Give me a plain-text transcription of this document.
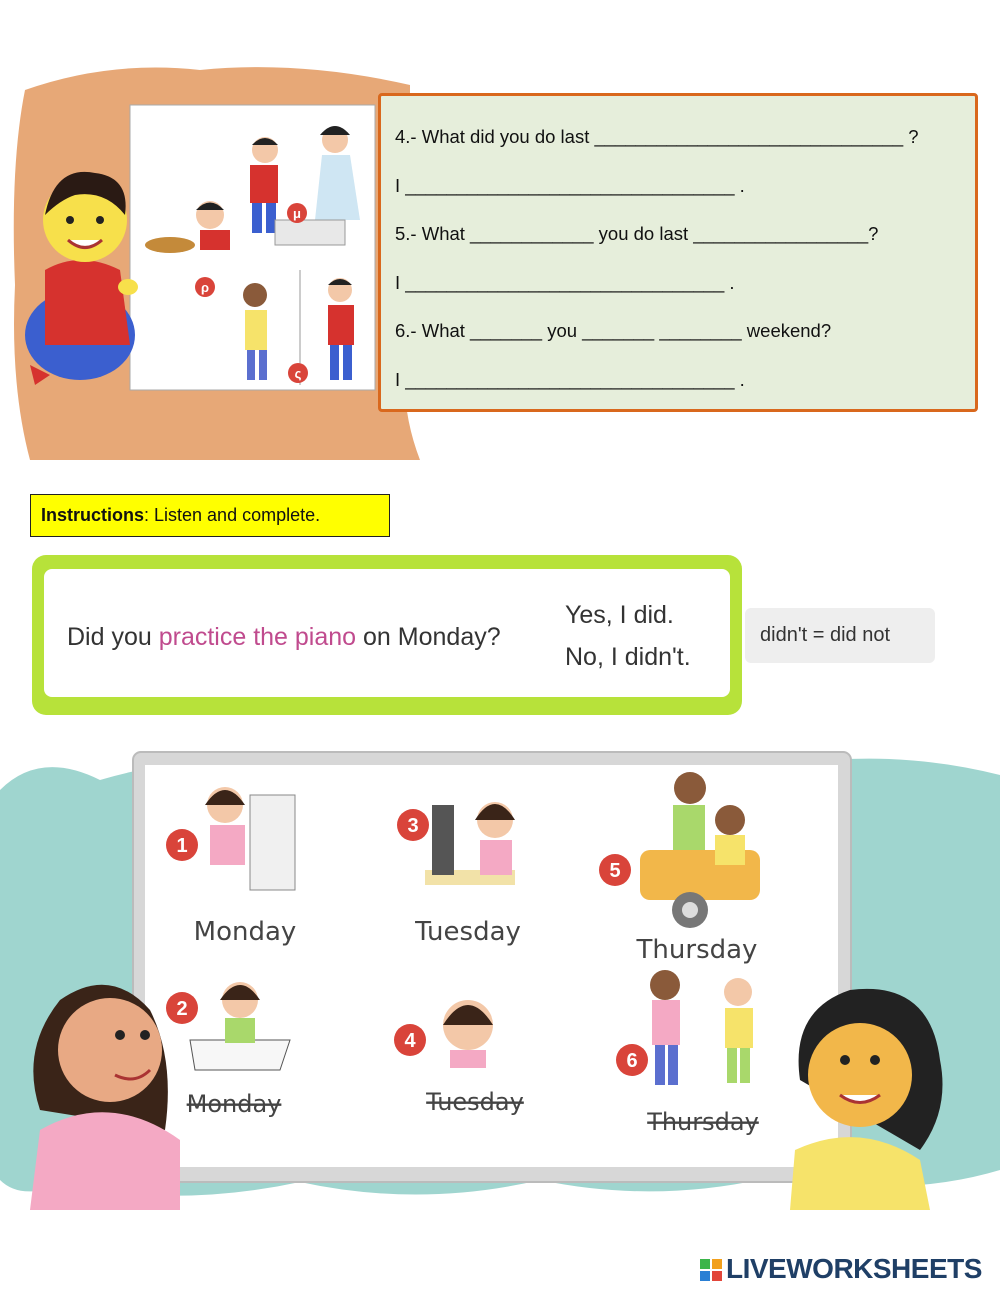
μ
ρ
ς
4.- What did you do last ______________________________ ?
I ________________________________ .
5.- What ____________ you do last _________________?
I _______________________________ .
6.- What _______ you _______ ________ weekend?
I ________________________________ .
Instructions: Listen and complete.
Did you practice the piano on Monday?
Yes, I did.
No, I didn't.
didn't = did not
1
Monday
3
Tuesday
5
Thursday
2
Monday
4
Tuesday
6
Thursday
LIVEWORKSHEETS
